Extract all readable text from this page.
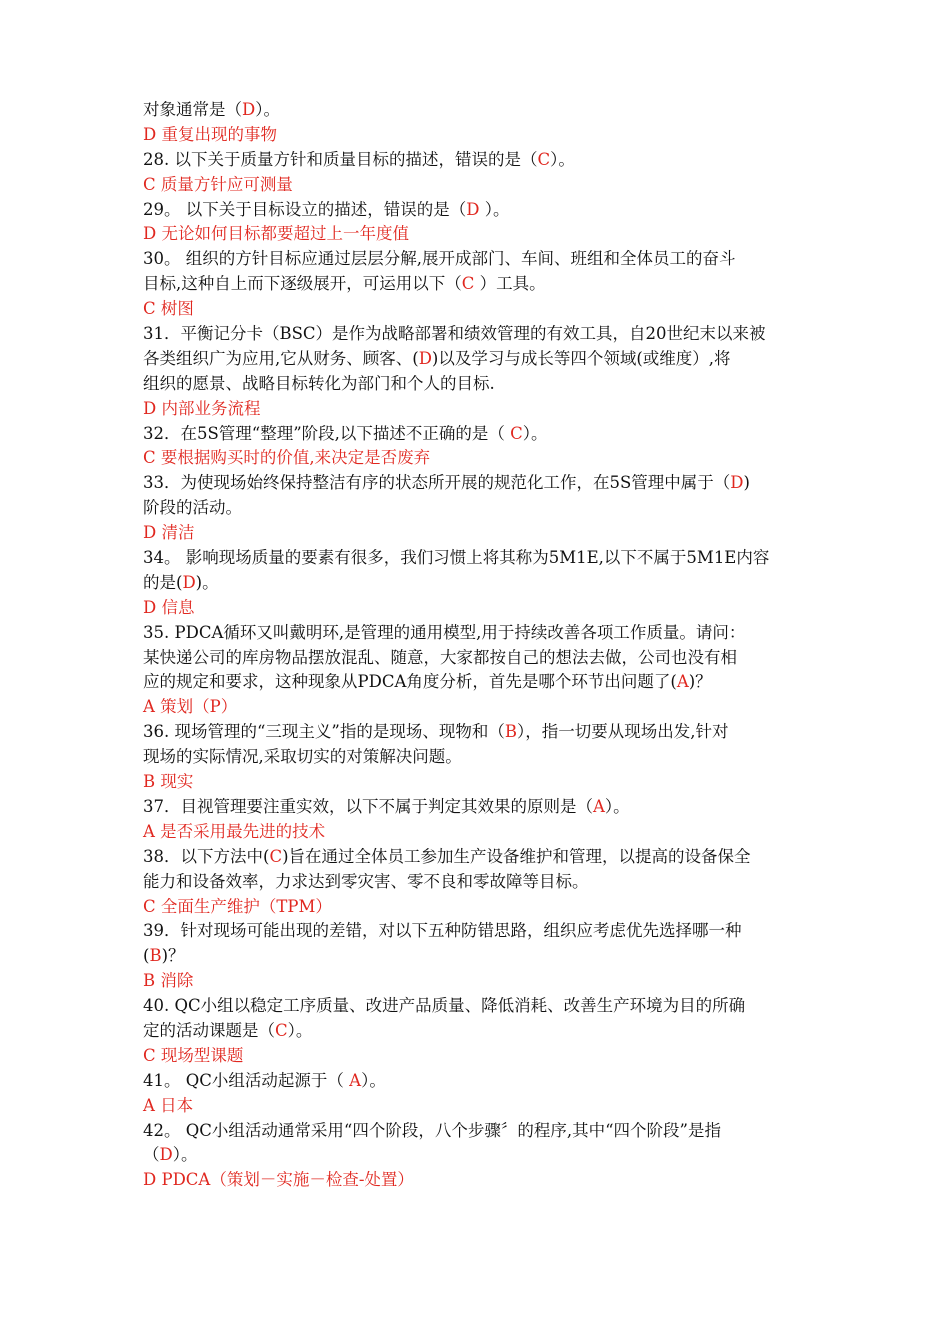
对象通常是（D）。
D 重复出现的事物
28. 以下关于质量方针和质量目标的描述，错误的是（C）。
C 质量方针应可测量
29。 以下关于目标设立的描述，错误的是（D ）。
D 无论如何目标都要超过上一年度值
30。 组织的方针目标应通过层层分解,展开成部门、车间、班组和全体员工的奋斗
目标,这种自上而下逐级展开，可运用以下（C ）工具。
C 树图
31．平衡记分卡（BSC）是作为战略部署和绩效管理的有效工具，自20世纪末以来被
各类组织广为应用,它从财务、顾客、(D)以及学习与成长等四个领域(或维度）,将
组织的愿景、战略目标转化为部门和个人的目标.
D 内部业务流程
32．在5S管理“整理”阶段,以下描述不正确的是（ C）。
C 要根据购买时的价值,来决定是否废弃
33．为使现场始终保持整洁有序的状态所开展的规范化工作，在5S管理中属于（D)
阶段的活动。
D 清洁
34。 影响现场质量的要素有很多，我们习惯上将其称为5M1E,以下不属于5M1E内容
的是(D)。
D 信息
35. PDCA循环又叫戴明环,是管理的通用模型,用于持续改善各项工作质量。请问：
某快递公司的库房物品摆放混乱、随意，大家都按自己的想法去做，公司也没有相
应的规定和要求，这种现象从PDCA角度分析，首先是哪个环节出问题了(A)？
A 策划（P）
36. 现场管理的“三现主义”指的是现场、现物和（B），指一切要从现场出发,针对
现场的实际情况,采取切实的对策解决问题。
B 现实
37．目视管理要注重实效，以下不属于判定其效果的原则是（A）。
A 是否采用最先进的技术
38．以下方法中(C)旨在通过全体员工参加生产设备维护和管理，以提高的设备保全
能力和设备效率，力求达到零灾害、零不良和零故障等目标。
C 全面生产维护（TPM）
39．针对现场可能出现的差错，对以下五种防错思路，组织应考虑优先选择哪一种
(B)？
B 消除
40. QC小组以稳定工序质量、改进产品质量、降低消耗、改善生产环境为目的所确
定的活动课题是（C）。
C 现场型课题
41。 QC小组活动起源于（ A）。
A 日本
42。 QC小组活动通常采用“四个阶段，八个步骤〞的程序,其中“四个阶段”是指
（D）。
D PDCA（策划－实施－检查-处置）
